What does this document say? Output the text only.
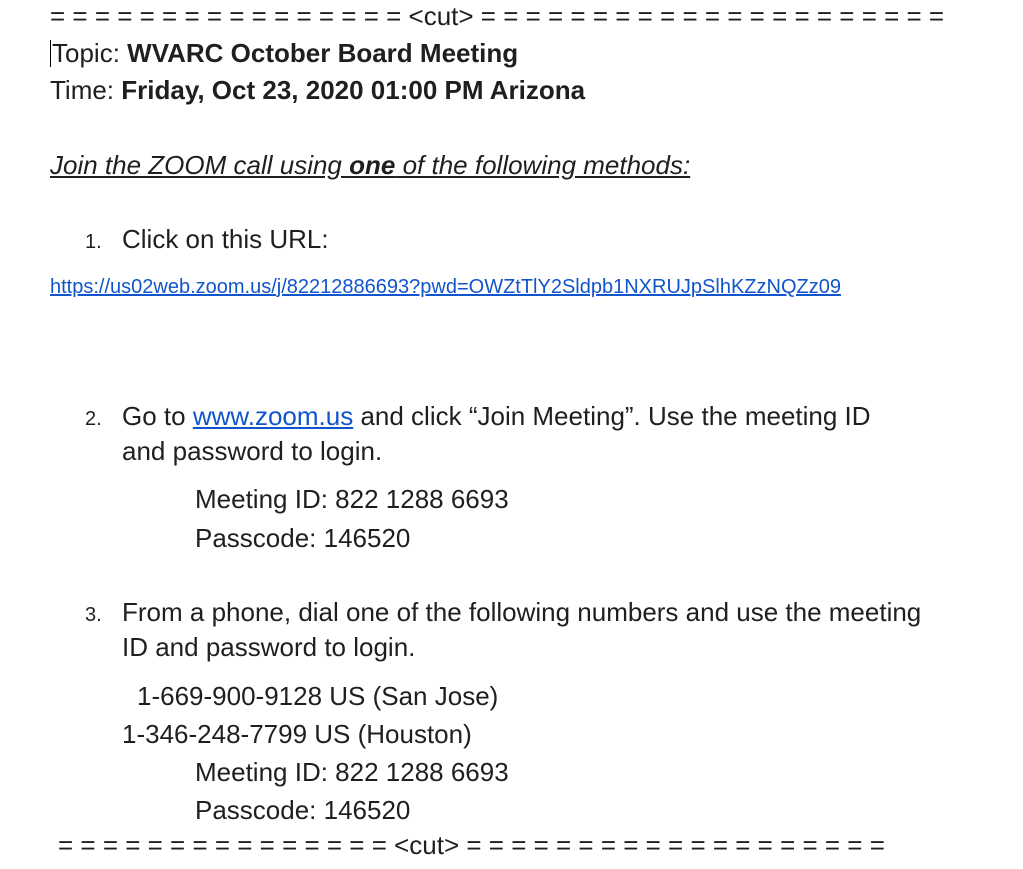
= = = = = = = = = = = = = = = = <cut> = = = = = = = = = = = = = = = = = = = = =
Topic: WVARC October Board Meeting
Time: Friday, Oct 23, 2020 01:00 PM Arizona
Join the ZOOM call using one of the following methods:
1. Click on this URL:
https://us02web.zoom.us/j/82212886693?pwd=OWZtTlY2Sldpb1NXRUJpSlhKZzNQZz09
2. Go to www.zoom.us and click “Join Meeting”. Use the meeting ID
and password to login.
Meeting ID: 822 1288 6693
Passcode: 146520
3. From a phone, dial one of the following numbers and use the meeting
ID and password to login.
1-669-900-9128 US (San Jose)
1-346-248-7799 US (Houston)
Meeting ID: 822 1288 6693
Passcode: 146520
= = = = = = = = = = = = = = = <cut> = = = = = = = = = = = = = = = = = = =
